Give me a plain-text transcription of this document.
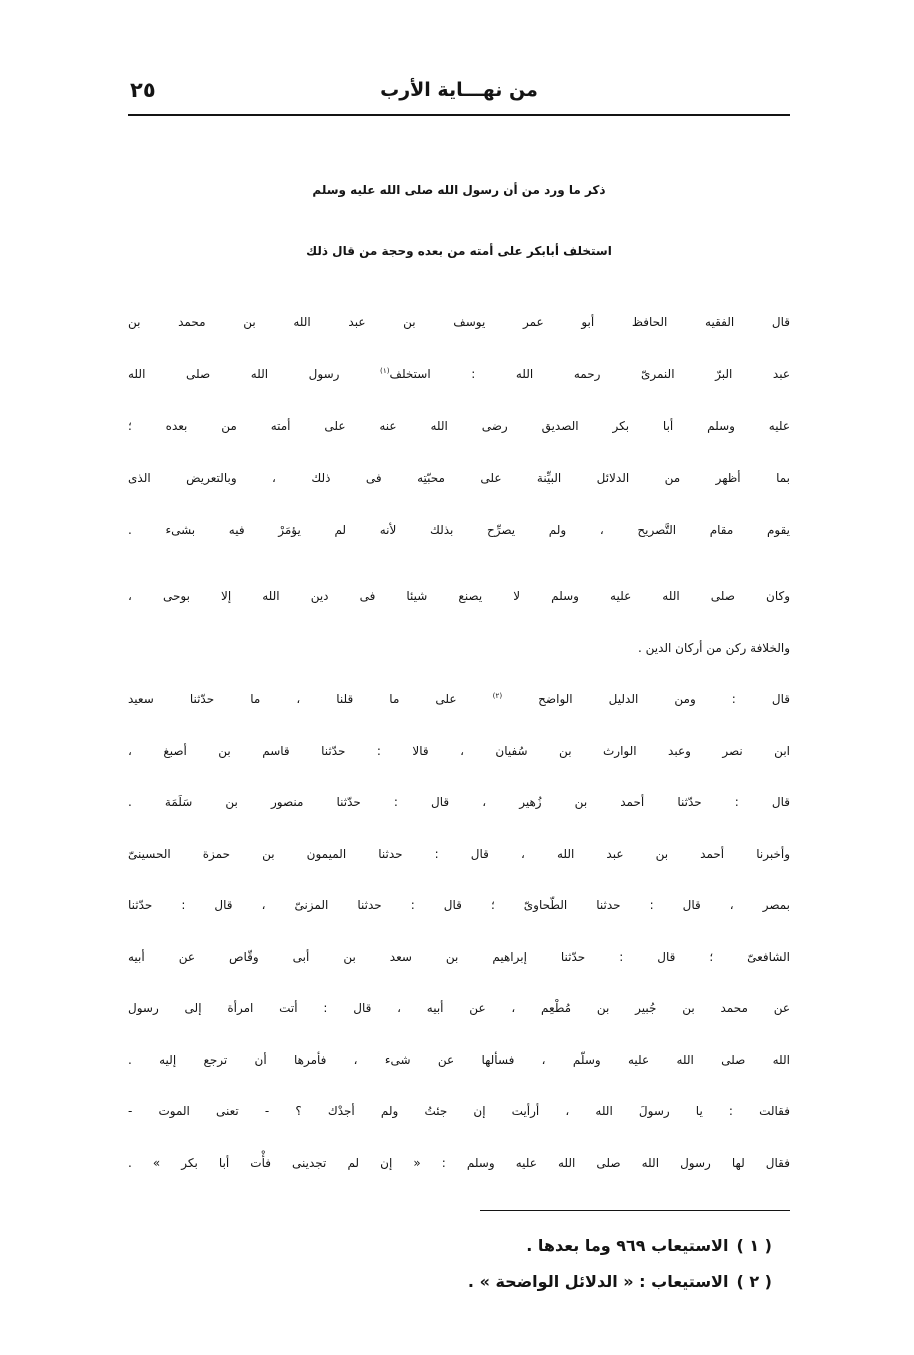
من نهـــاية الأرب
٢٥
ذكر ما ورد من أن رسول الله صلى الله عليه وسلم
استخلف أبابكر على أمته من بعده وحجة من قال ذلك
قال الفقيه الحافظ أبو عمر يوسف بن عبد الله بن محمد بن
عبد البرّ النمرىّ رحمه الله : استخلف$^{(١)}$ رسول الله صلى الله
عليه وسلم أبا بكر الصديق رضى الله عنه على أمته من بعده ؛
بما أظهر من الدلائل البيِّنة على محبّتِه فى ذلك ، وبالتعريض الذى
يقوم مقام التَّصريح ، ولم يصرِّح بذلك لأنه لم يؤمَرْ فيه بشىء .
وكان صلى الله عليه وسلم لا يصنع شيئا فى دين الله إلا بوحى ،
والخلافة ركن من أركان الدين .
قال : ومن الدليل الواضح $^{(٢)}$ على ما قلنا ، ما حدّثنا سعيد
ابن نصر وعبد الوارث بن سُفيان ، قالا : حدّثنا قاسم بن أصبغ ،
قال : حدّثنا أحمد بن زُهير ، قال : حدّثنا منصور بن سَلَمَة .
وأخبرنا أحمد بن عبد الله ، قال : حدثنا الميمون بن حمزة الحسينىّ
بمصر ، قال : حدثنا الطّحاوىّ ؛ قال : حدثنا المزنىّ ، قال : حدّثنا
الشافعىّ ؛ قال : حدّثنا إبراهيم بن سعد بن أبى وقّاص عن أبيه
عن محمد بن جُبير بن مُطْعِم ، عن أبيه ، قال : أتت امرأة إلى رسول
الله صلى الله عليه وسلّم ، فسألها عن شىء ، فأمرها أن ترجع إليه .
فقالت : يا رسولَ الله ، أرأيت إن جئتُ ولم أجدْك ؟ - تعنى الموت -
فقال لها رسول الله صلى الله عليه وسلم : « إن لم تجدينى فأْت أبا بكر » .
( ١ )الاستيعاب ٩٦٩ وما بعدها .
( ٢ )الاستيعاب : « الدلائل الواضحة » .
